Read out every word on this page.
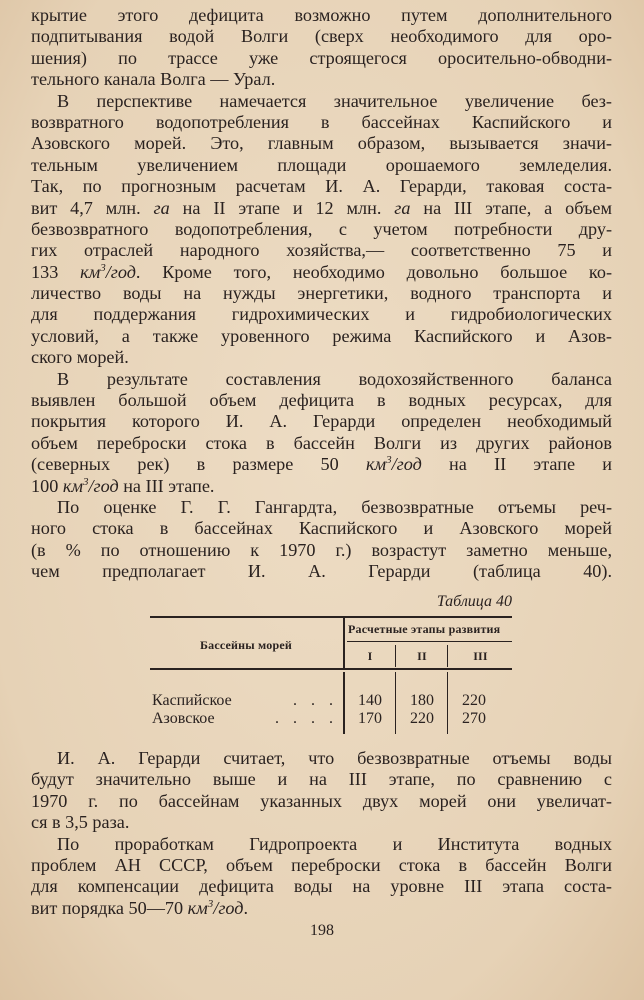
крытие этого дефицита возможно путем дополнительного
подпитывания водой Волги (сверх необходимого для оро-
шения) по трассе уже строящегося оросительно-обводни-
тельного канала Волга — Урал.
В перспективе намечается значительное увеличение без-
возвратного водопотребления в бассейнах Каспийского и
Азовского морей. Это, главным образом, вызывается значи-
тельным увеличением площади орошаемого земледелия.
Так, по прогнозным расчетам И. А. Герарди, таковая соста-
вит 4,7 млн. га на II этапе и 12 млн. га на III этапе, а объем
безвозвратного водопотребления, с учетом потребности дру-
гих отраслей народного хозяйства,— соответственно 75 и
133 $км^3$/год. Кроме того, необходимо довольно большое ко-
личество воды на нужды энергетики, водного транспорта и
для поддержания гидрохимических и гидробиологических
условий, а также уровенного режима Каспийского и Азов-
ского морей.
В результате составления водохозяйственного баланса
выявлен большой объем дефицита в водных ресурсах, для
покрытия которого И. А. Герарди определен необходимый
объем переброски стока в бассейн Волги из других районов
(северных рек) в размере 50 $км^3$/год на II этапе и
100 $км^3$/год на III этапе.
По оценке Г. Г. Гангардта, безвозвратные отъемы реч-
ного стока в бассейнах Каспийского и Азовского морей
(в % по отношению к 1970 г.) возрастут заметно меньше,
чем предполагает И. А. Герарди (таблица 40).
Таблица 40
Бассейны морей
Расчетные этапы развития
I	II	III
Каспийское	. . .	140	180	220
Азовское	. . . .	170	220	270
И. А. Герарди считает, что безвозвратные отъемы воды
будут значительно выше и на III этапе, по сравнению с
1970 г. по бассейнам указанных двух морей они увеличат-
ся в 3,5 раза.
По проработкам Гидропроекта и Института водных
проблем АН СССР, объем переброски стока в бассейн Волги
для компенсации дефицита воды на уровне III этапа соста-
вит порядка 50—70 $км^3$/год.
198
